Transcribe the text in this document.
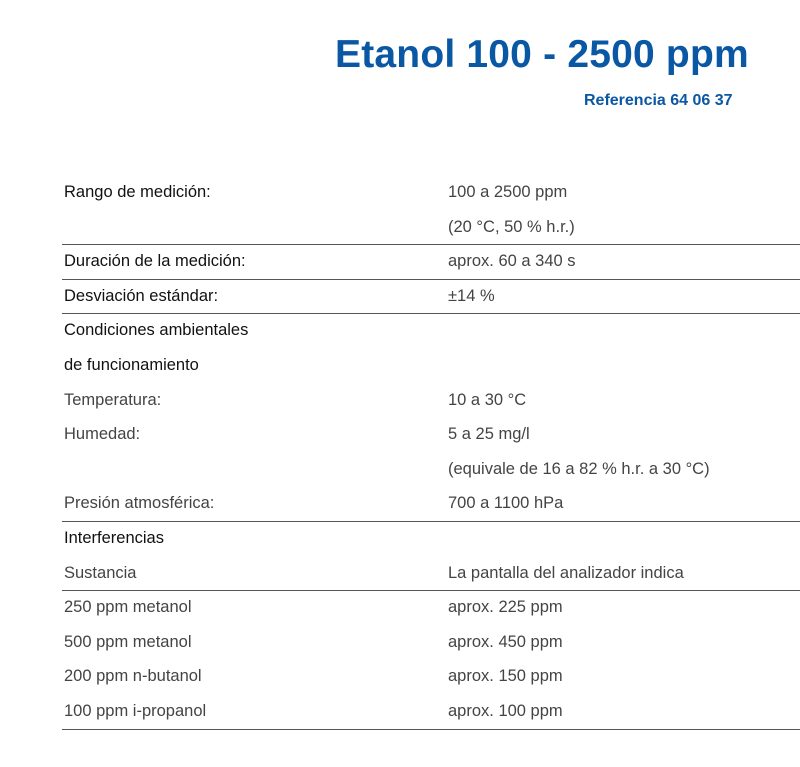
Etanol 100 - 2500 ppm
Referencia 64 06 37
Rango de medición:	100 a 2500 ppm
(20 °C, 50 % h.r.)
Duración de la medición:	aprox. 60 a 340 s
Desviación estándar:	±14 %
Condiciones ambientales
de funcionamiento
Temperatura:	10 a 30 °C
Humedad:	5 a 25 mg/l
(equivale de 16 a 82 % h.r. a 30 °C)
Presión atmosférica:	700 a 1100 hPa
Interferencias
Sustancia	La pantalla del analizador indica
250 ppm metanol	aprox. 225 ppm
500 ppm metanol	aprox. 450 ppm
200 ppm n-butanol	aprox. 150 ppm
100 ppm i-propanol	aprox. 100 ppm
